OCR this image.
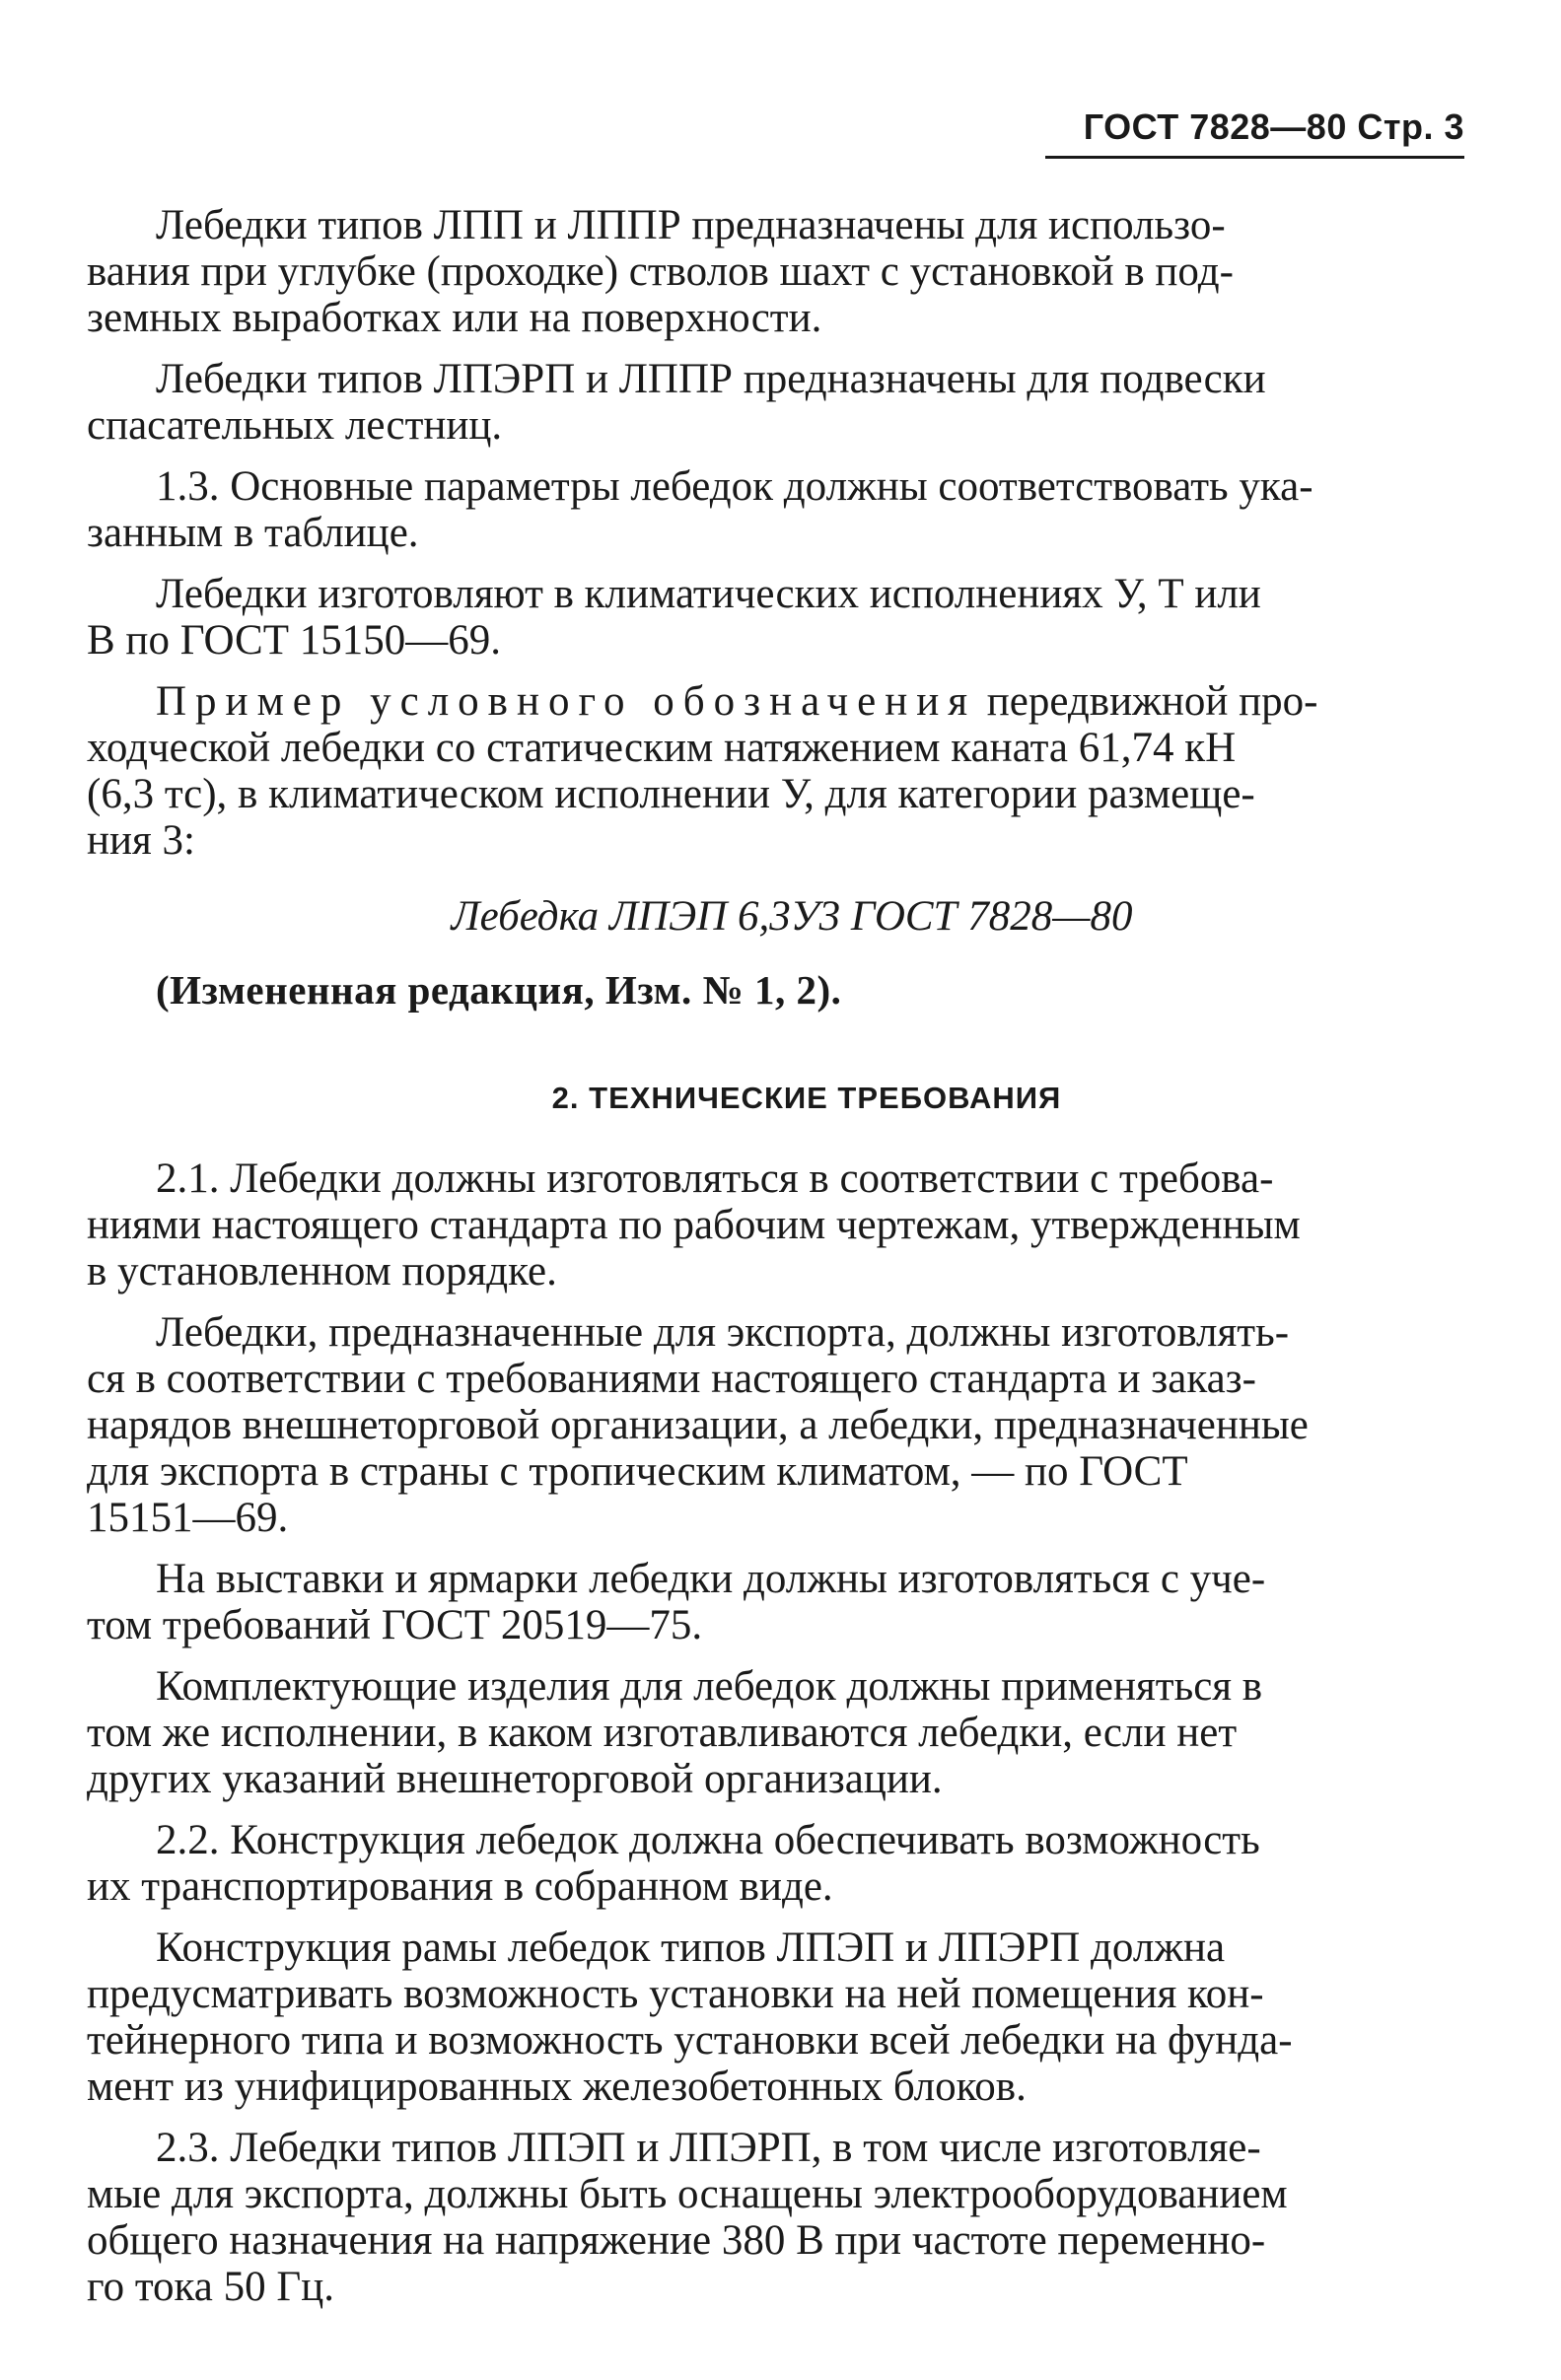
ГОСТ 7828—80 Стр. 3

Лебедки типов ЛПП и ЛППР предназначены для использо-
вания при углубке (проходке) стволов шахт с установкой в под-
земных выработках или на поверхности.

Лебедки типов ЛПЭРП и ЛППР предназначены для подвески
спасательных лестниц.

1.3. Основные параметры лебедок должны соответствовать ука-
занным в таблице.

Лебедки изготовляют в климатических исполнениях У, Т или
В по ГОСТ 15150—69.

Пример условного обозначения передвижной про-
ходческой лебедки со статическим натяжением каната 61,74 кН
(6,3 тс), в климатическом исполнении У, для категории размеще-
ния 3:

Лебедка ЛПЭП 6,3У3 ГОСТ 7828—80
(Измененная редакция, Изм. № 1, 2).
2. ТЕХНИЧЕСКИЕ ТРЕБОВАНИЯ

2.1. Лебедки должны изготовляться в соответствии с требова-
ниями настоящего стандарта по рабочим чертежам, утвержденным
в установленном порядке.

Лебедки, предназначенные для экспорта, должны изготовлять-
ся в соответствии с требованиями настоящего стандарта и заказ-
нарядов внешнеторговой организации, а лебедки, предназначенные
для экспорта в страны с тропическим климатом, — по ГОСТ
15151—69.

На выставки и ярмарки лебедки должны изготовляться с уче-
том требований ГОСТ 20519—75.

Комплектующие изделия для лебедок должны применяться в
том же исполнении, в каком изготавливаются лебедки, если нет
других указаний внешнеторговой организации.

2.2. Конструкция лебедок должна обеспечивать возможность
их транспортирования в собранном виде.

Конструкция рамы лебедок типов ЛПЭП и ЛПЭРП должна
предусматривать возможность установки на ней помещения кон-
тейнерного типа и возможность установки всей лебедки на фунда-
мент из унифицированных железобетонных блоков.

2.3. Лебедки типов ЛПЭП и ЛПЭРП, в том числе изготовляе-
мые для экспорта, должны быть оснащены электрооборудованием
общего назначения на напряжение 380 В при частоте переменно-
го тока 50 Гц.
